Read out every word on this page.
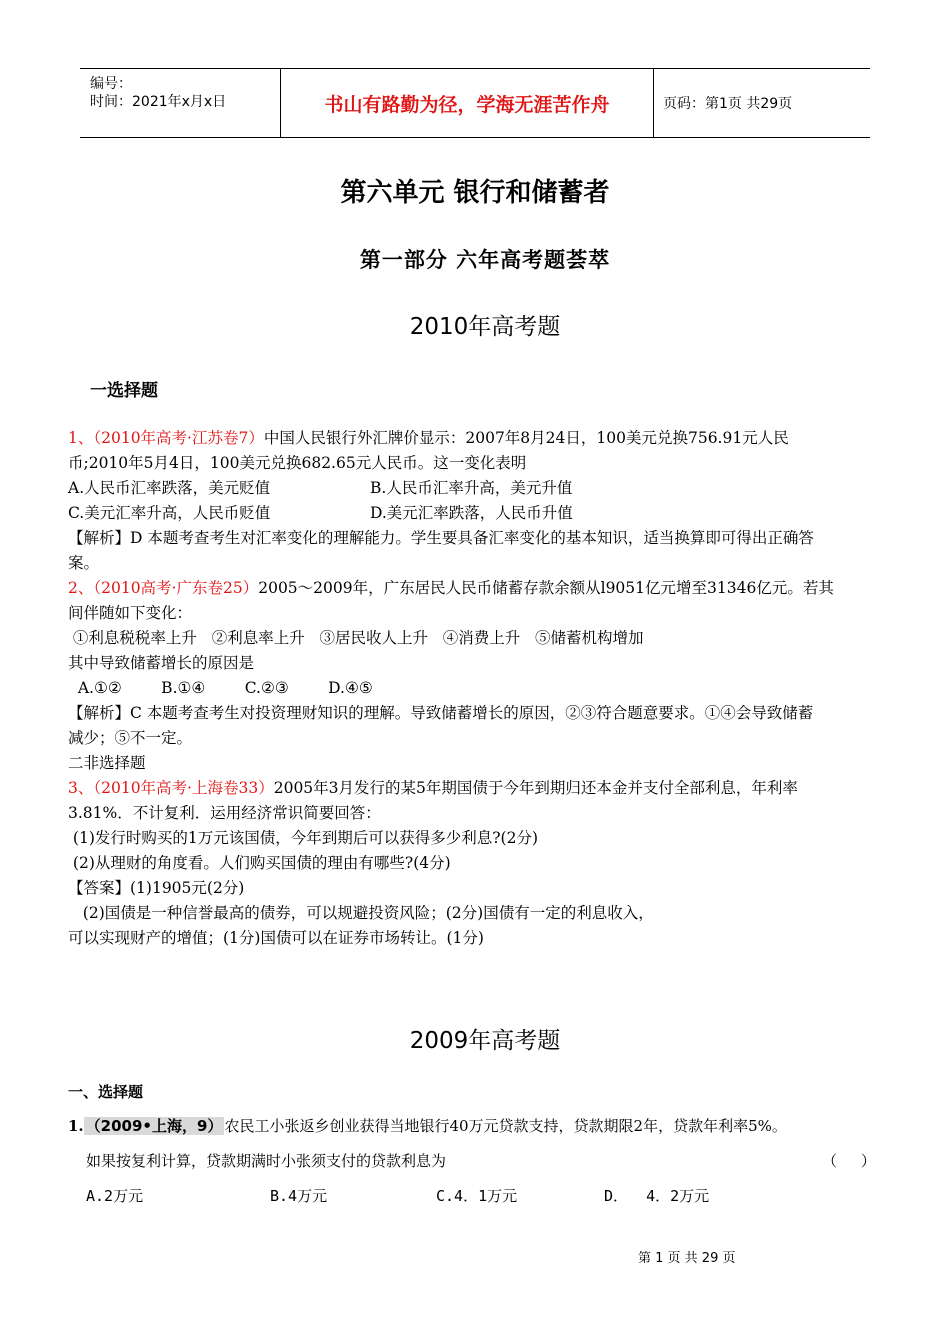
编号：
时间：2021年x月x日	书山有路勤为径，学海无涯苦作舟	页码：第1页 共29页
第六单元 银行和储蓄者
第一部分 六年高考题荟萃
2010年高考题
一选择题
1、（2010年高考·江苏卷7）中国人民银行外汇牌价显示：2007年8月24日，100美元兑换756.91元人民
币;2010年5月4日，100美元兑换682.65元人民币。这一变化表明
A.人民币汇率跌落，美元贬值	B.人民币汇率升高，美元升值
C.美元汇率升高，人民币贬值	D.美元汇率跌落，人民币升值
【解析】D 本题考查考生对汇率变化的理解能力。学生要具备汇率变化的基本知识，适当换算即可得出正确答
案。
2、（2010高考·广东卷25）2005～2009年，广东居民人民币储蓄存款余额从l9051亿元增至31346亿元。若其
间伴随如下变化：
①利息税税率上升   ②利息率上升   ③居民收人上升   ④消费上升   ⑤储蓄机构增加
其中导致储蓄增长的原因是
A.①②        B.①④        C.②③        D.④⑤
【解析】C 本题考查考生对投资理财知识的理解。导致储蓄增长的原因，②③符合题意要求。①④会导致储蓄
减少；⑤不一定。
二非选择题
3、（2010年高考·上海卷33）2005年3月发行的某5年期国债于今年到期归还本金并支付全部利息，年利率
3.81%．不计复利．运用经济常识简要回答：
(1)发行时购买的1万元该国债，今年到期后可以获得多少利息?(2分)
(2)从理财的角度看。人们购买国债的理由有哪些?(4分)
【答案】(1)1905元(2分)
(2)国债是一种信誉最高的债券，可以规避投资风险；(2分)国债有一定的利息收入，
可以实现财产的增值；(1分)国债可以在证券市场转让。(1分)
2009年高考题
一、选择题
1. （2009•上海，9） 农民工小张返乡创业获得当地银行40万元贷款支持，贷款期限2年，贷款年利率5%。
如果按复利计算，贷款期满时小张须支付的贷款利息为	（     ）
A.2万元	B.4万元	C.4．1万元	D．  4．2万元
第 1 页 共 29 页
